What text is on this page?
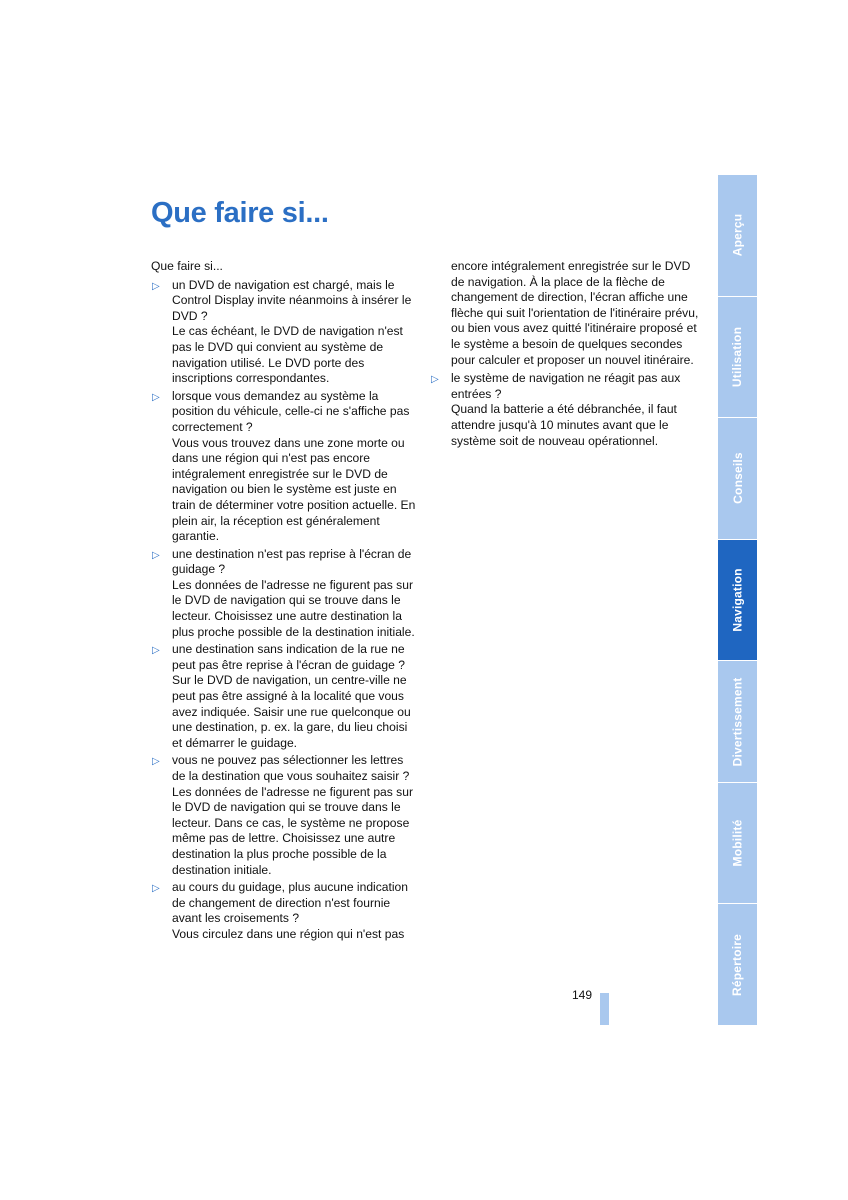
Que faire si...

Que faire si...

▷ un DVD de navigation est chargé, mais le Control Display invite néanmoins à insérer le DVD ?

Le cas échéant, le DVD de navigation n'est pas le DVD qui convient au système de navigation utilisé. Le DVD porte des inscriptions correspondantes.

▷ lorsque vous demandez au système la position du véhicule, celle-ci ne s'affiche pas correctement ?

Vous vous trouvez dans une zone morte ou dans une région qui n'est pas encore intégralement enregistrée sur le DVD de navigation ou bien le système est juste en train de déterminer votre position actuelle. En plein air, la réception est généralement garantie.

▷ une destination n'est pas reprise à l'écran de guidage ?

Les données de l'adresse ne figurent pas sur le DVD de navigation qui se trouve dans le lecteur. Choisissez une autre destination la plus proche possible de la destination initiale.

▷ une destination sans indication de la rue ne peut pas être reprise à l'écran de guidage ?

Sur le DVD de navigation, un centre-ville ne peut pas être assigné à la localité que vous avez indiquée. Saisir une rue quelconque ou une destination, p. ex. la gare, du lieu choisi et démarrer le guidage.

▷ vous ne pouvez pas sélectionner les lettres de la destination que vous souhaitez saisir ?

Les données de l'adresse ne figurent pas sur le DVD de navigation qui se trouve dans le lecteur. Dans ce cas, le système ne propose même pas de lettre. Choisissez une autre destination la plus proche possible de la destination initiale.

▷ au cours du guidage, plus aucune indication de changement de direction n'est fournie avant les croisements ?

Vous circulez dans une région qui n'est pas

encore intégralement enregistrée sur le DVD de navigation. À la place de la flèche de changement de direction, l'écran affiche une flèche qui suit l'orientation de l'itinéraire prévu, ou bien vous avez quitté l'itinéraire proposé et le système a besoin de quelques secondes pour calculer et proposer un nouvel itinéraire.

▷ le système de navigation ne réagit pas aux entrées ?

Quand la batterie a été débranchée, il faut attendre jusqu'à 10 minutes avant que le système soit de nouveau opérationnel.

149
Aperçu
Utilisation
Conseils
Navigation
Divertissement
Mobilité
Répertoire
